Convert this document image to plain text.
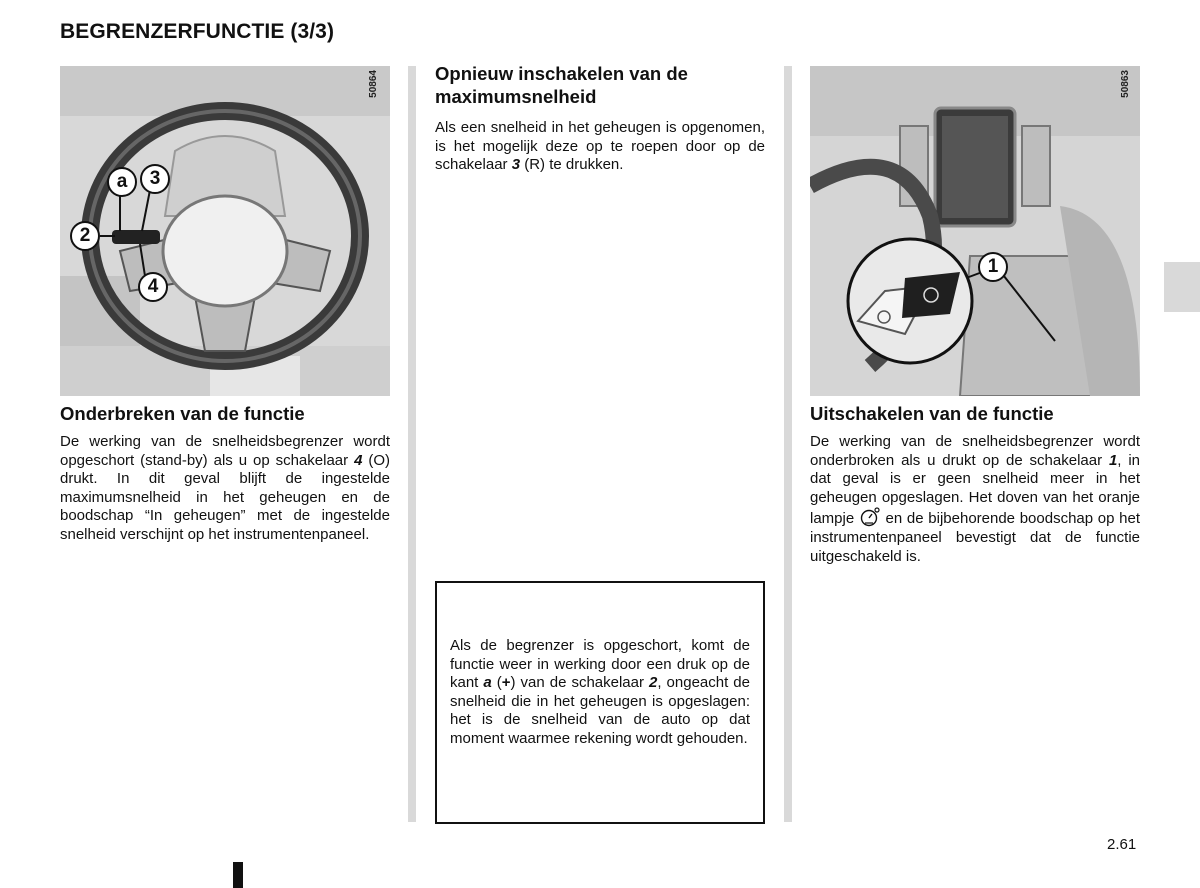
BEGRENZERFUNCTIE (3/3)
a	3
2
4
50864
Onderbreken van de functie
De werking van de snelheidsbegrenzer wordt opgeschort (stand-by) als u op schakelaar 4 (O) drukt. In dit geval blijft de ingestelde maximumsnelheid in het geheugen en de boodschap “In geheugen” met de ingestelde snelheid verschijnt op het instrumentenpaneel.
Opnieuw inschakelen van de maximumsnelheid
Als een snelheid in het geheugen is opgenomen, is het mogelijk deze op te roepen door op de schakelaar 3 (R) te drukken.
Als de begrenzer is opgeschort, komt de functie weer in werking door een druk op de kant a (+) van de schakelaar 2, ongeacht de snelheid die in het geheugen is opgeslagen: het is de snelheid van de auto op dat moment waarmee rekening wordt gehouden.
1
50863
Uitschakelen van de functie
De werking van de snelheidsbegrenzer wordt onderbroken als u drukt op de schakelaar 1, in dat geval is er geen snelheid meer in het geheugen opgeslagen. Het doven van het oranje lampje  en de bijbehorende boodschap op het instrumentenpaneel bevestigt dat de functie uitgeschakeld is.
2.61
